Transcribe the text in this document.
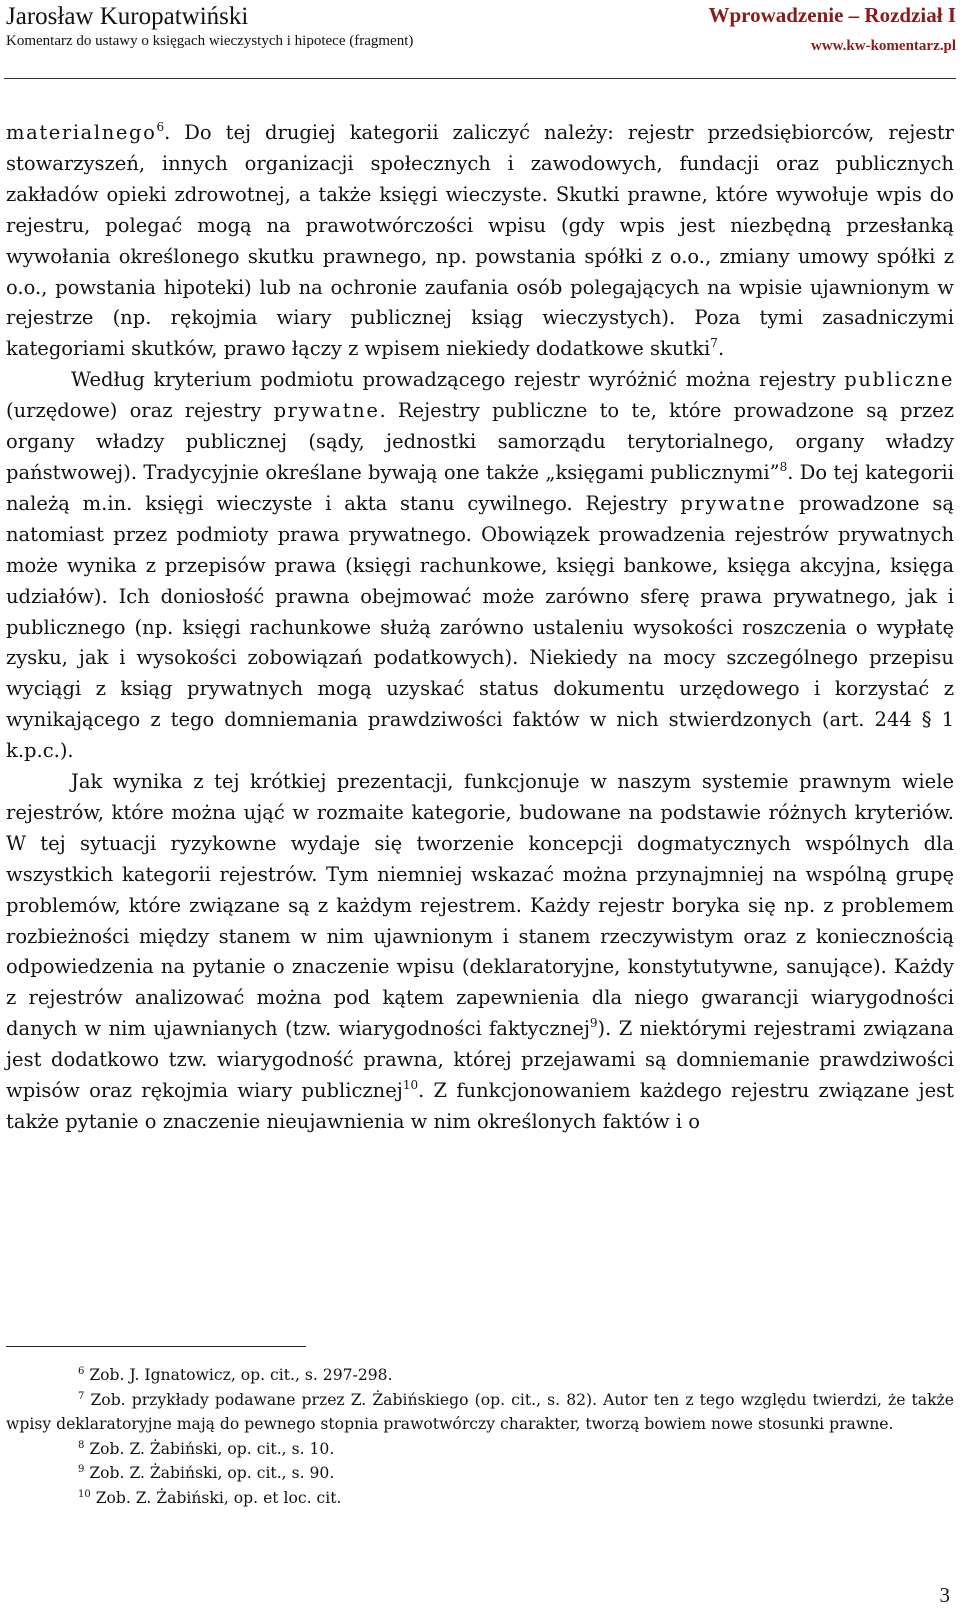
Jarosław Kuropatwiński
Komentarz do ustawy o księgach wieczystych i hipotece (fragment)
Wprowadzenie – Rozdział I
www.kw-komentarz.pl

materialnego$^6$. Do tej drugiej kategorii zaliczyć należy: rejestr przedsiębiorców, rejestr stowarzyszeń, innych organizacji społecznych i zawodowych, fundacji oraz publicznych zakładów opieki zdrowotnej, a także księgi wieczyste. Skutki prawne, które wywołuje wpis do rejestru, polegać mogą na prawotwórczości wpisu (gdy wpis jest niezbędną przesłanką wywołania określonego skutku prawnego, np. powstania spółki z o.o., zmiany umowy spółki z o.o., powstania hipoteki) lub na ochronie zaufania osób polegających na wpisie ujawnionym w rejestrze (np. rękojmia wiary publicznej ksiąg wieczystych). Poza tymi zasadniczymi kategoriami skutków, prawo łączy z wpisem niekiedy dodatkowe skutki$^7$.

Według kryterium podmiotu prowadzącego rejestr wyróżnić można rejestry publiczne (urzędowe) oraz rejestry prywatne. Rejestry publiczne to te, które prowadzone są przez organy władzy publicznej (sądy, jednostki samorządu terytorialnego, organy władzy państwowej). Tradycyjnie określane bywają one także „księgami publicznymi”$^8$. Do tej kategorii należą m.in. księgi wieczyste i akta stanu cywilnego. Rejestry prywatne prowadzone są natomiast przez podmioty prawa prywatnego. Obowiązek prowadzenia rejestrów prywatnych może wynika z przepisów prawa (księgi rachunkowe, księgi bankowe, księga akcyjna, księga udziałów). Ich doniosłość prawna obejmować może zarówno sferę prawa prywatnego, jak i publicznego (np. księgi rachunkowe służą zarówno ustaleniu wysokości roszczenia o wypłatę zysku, jak i wysokości zobowiązań podatkowych). Niekiedy na mocy szczególnego przepisu wyciągi z ksiąg prywatnych mogą uzyskać status dokumentu urzędowego i korzystać z wynikającego z tego domniemania prawdziwości faktów w nich stwierdzonych (art. 244 § 1 k.p.c.).

Jak wynika z tej krótkiej prezentacji, funkcjonuje w naszym systemie prawnym wiele rejestrów, które można ująć w rozmaite kategorie, budowane na podstawie różnych kryteriów. W tej sytuacji ryzykowne wydaje się tworzenie koncepcji dogmatycznych wspólnych dla wszystkich kategorii rejestrów. Tym niemniej wskazać można przynajmniej na wspólną grupę problemów, które związane są z każdym rejestrem. Każdy rejestr boryka się np. z problemem rozbieżności między stanem w nim ujawnionym i stanem rzeczywistym oraz z koniecznością odpowiedzenia na pytanie o znaczenie wpisu (deklaratoryjne, konstytutywne, sanujące). Każdy z rejestrów analizować można pod kątem zapewnienia dla niego gwarancji wiarygodności danych w nim ujawnianych (tzw. wiarygodności faktycznej$^9$). Z niektórymi rejestrami związana jest dodatkowo tzw. wiarygodność prawna, której przejawami są domniemanie prawdziwości wpisów oraz rękojmia wiary publicznej$^{10}$. Z funkcjonowaniem każdego rejestru związane jest także pytanie o znaczenie nieujawnienia w nim określonych faktów i o

$^6$ Zob. J. Ignatowicz, op. cit., s. 297-298.

$^7$ Zob. przykłady podawane przez Z. Żabińskiego (op. cit., s. 82). Autor ten z tego względu twierdzi, że także wpisy deklaratoryjne mają do pewnego stopnia prawotwórczy charakter, tworzą bowiem nowe stosunki prawne.

$^8$ Zob. Z. Żabiński, op. cit., s. 10.

$^9$ Zob. Z. Żabiński, op. cit., s. 90.

$^{10}$ Zob. Z. Żabiński, op. et loc. cit.

3
